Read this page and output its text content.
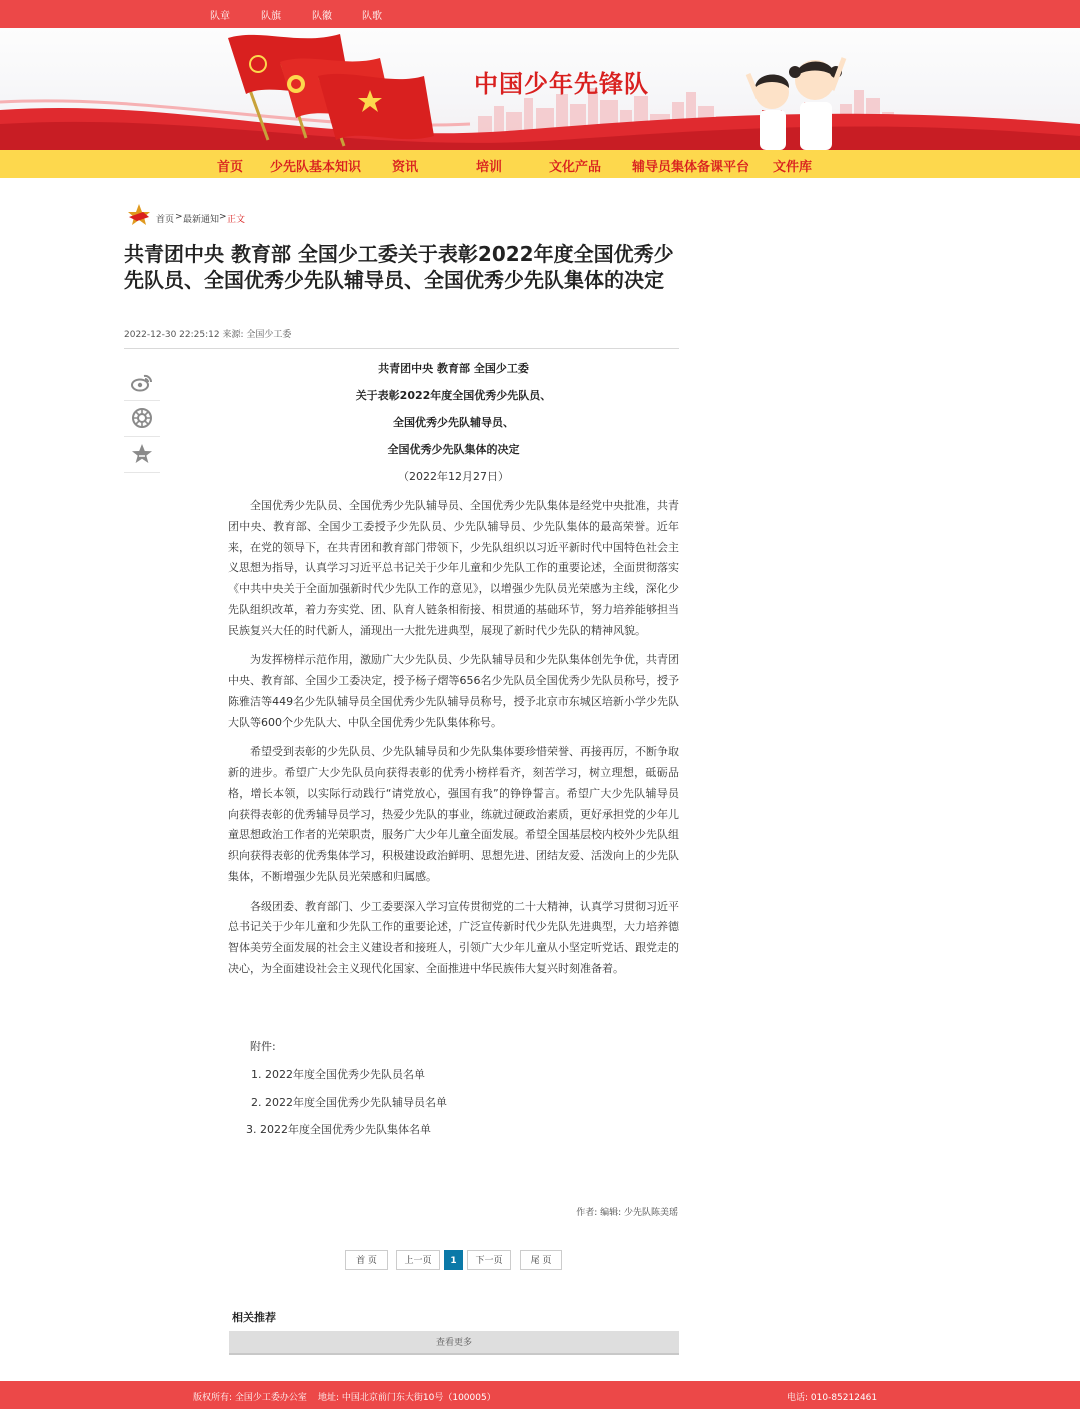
队章	队旗	队徽	队歌
中国少年先锋队
首页 少先队基本知识 资讯	培训	文化产品 辅导员集体备课平台 文件库
首页 > 最新通知 > 正文
共青团中央 教育部 全国少工委关于表彰2022年度全国优秀少先队员、全国优秀少先队辅导员、全国优秀少先队集体的决定
2022-12-30 22:25:12 来源: 全国少工委

共青团中央 教育部 全国少工委

关于表彰2022年度全国优秀少先队员、

全国优秀少先队辅导员、

全国优秀少先队集体的决定

（2022年12月27日）

全国优秀少先队员、全国优秀少先队辅导员、全国优秀少先队集体是经党中央批准，共青团中央、教育部、全国少工委授予少先队员、少先队辅导员、少先队集体的最高荣誉。近年来，在党的领导下，在共青团和教育部门带领下，少先队组织以习近平新时代中国特色社会主义思想为指导，认真学习习近平总书记关于少年儿童和少先队工作的重要论述，全面贯彻落实《中共中央关于全面加强新时代少先队工作的意见》，以增强少先队员光荣感为主线，深化少先队组织改革，着力夯实党、团、队育人链条相衔接、相贯通的基础环节，努力培养能够担当民族复兴大任的时代新人，涌现出一大批先进典型，展现了新时代少先队的精神风貌。

为发挥榜样示范作用，激励广大少先队员、少先队辅导员和少先队集体创先争优，共青团中央、教育部、全国少工委决定，授予杨子熠等656名少先队员全国优秀少先队员称号，授予陈雅洁等449名少先队辅导员全国优秀少先队辅导员称号，授予北京市东城区培新小学少先队大队等600个少先队大、中队全国优秀少先队集体称号。

希望受到表彰的少先队员、少先队辅导员和少先队集体要珍惜荣誉、再接再厉，不断争取新的进步。希望广大少先队员向获得表彰的优秀小榜样看齐，刻苦学习，树立理想，砥砺品格，增长本领，以实际行动践行“请党放心，强国有我”的铮铮誓言。希望广大少先队辅导员向获得表彰的优秀辅导员学习，热爱少先队的事业，练就过硬政治素质，更好承担党的少年儿童思想政治工作者的光荣职责，服务广大少年儿童全面发展。希望全国基层校内校外少先队组织向获得表彰的优秀集体学习，积极建设政治鲜明、思想先进、团结友爱、活泼向上的少先队集体，不断增强少先队员光荣感和归属感。

各级团委、教育部门、少工委要深入学习宣传贯彻党的二十大精神，认真学习贯彻习近平总书记关于少年儿童和少先队工作的重要论述，广泛宣传新时代少先队先进典型，大力培养德智体美劳全面发展的社会主义建设者和接班人，引领广大少年儿童从小坚定听党话、跟党走的决心，为全面建设社会主义现代化国家、全面推进中华民族伟大复兴时刻准备着。

附件:
1. 2022年度全国优秀少先队员名单
2. 2022年度全国优秀少先队辅导员名单
3. 2022年度全国优秀少先队集体名单
作者: 编辑: 少先队陈美瑶
首 页	上一页	1	下一页	尾 页
相关推荐
查看更多
版权所有: 全国少工委办公室 地址: 中国北京前门东大街10号（100005）	电话: 010-85212461
